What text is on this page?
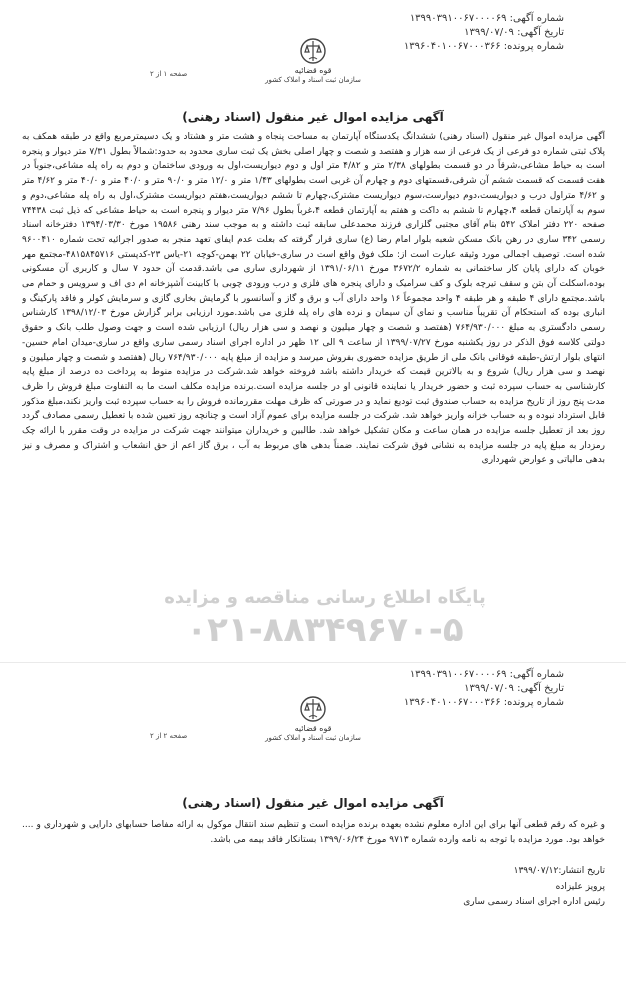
شماره آگهی: ۱۳۹۹۰۳۹۱۰۰۶۷۰۰۰۰۶۹
تاریخ آگهی: ۱۳۹۹/۰۷/۰۹
شماره پرونده: ۱۳۹۶۰۴۰۱۰۰۶۷۰۰۰۳۶۶
قوه قضائیه
سازمان ثبت اسناد و املاک کشور
صفحه ۱ از ۲
آگهی مزایده اموال غیر منقول (اسناد رهنی)

آگهی مزایده اموال غیر منقول (اسناد رهنی) ششدانگ یکدستگاه آپارتمان به مساحت پنجاه و هشت متر و هشتاد و یک دسیمترمربع واقع در طبقه همکف به پلاک ثبتی شماره دو فرعی از یک فرعی از سه هزار و هفتصد و شصت و چهار اصلی بخش یک ثبت ساری محدود به حدود:شمالاً بطول ۷/۳۱ متر دیوار و پنجره است به حیاط مشاعی،شرقاً در دو قسمت بطولهای ۲/۳۸ متر و ۴/۸۲ متر اول و دوم دیواریست،اول به ورودی ساختمان و دوم به راه پله مشاعی،جنوباً در هفت قسمت که قسمت ششم آن شرقی،قسمتهای دوم و چهارم آن غربی است بطولهای ۱/۴۳ متر و ۱۲/۰ متر و ۹۰/۰ متر و ۴۰/۰ متر و ۴۰/۰ متر و ۴/۶۲ متر و ۴/۶۲ متراول درب و دیواریست،دوم دیوارست،سوم دیواریست مشترک،چهارم تا ششم دیواریست،هفتم دیواریست مشترک،اول به راه پله مشاعی،دوم و سوم به آپارتمان قطعه ۴،چهارم تا ششم به داکت و هفتم به آپارتمان قطعه ۴،غرباً بطول ۷/۹۶ متر دیوار و پنجره است به حیاط مشاعی که ذیل ثبت ۷۴۴۳۸ صفحه ۲۲۰ دفتر املاک ۵۴۲ بنام آقای مجتبی گلزاری فرزند محمدعلی سابقه ثبت داشته و به موجب سند رهنی ۱۹۵۸۶ مورخ ۱۳۹۴/۰۳/۳۰ دفترخانه اسناد رسمی ۳۴۲ ساری در رهن بانک مسکن شعبه بلوار امام رضا (ع) ساری قرار گرفته که بعلت عدم ایفای تعهد منجر به صدور اجرائیه تحت شماره ۹۶۰۰۴۱۰ شده است. توصیف اجمالی مورد وثیقه عبارت است از: ملک فوق واقع است در ساری-خیابان ۲۲ بهمن-کوچه ۲۱-یاس ۲۳-کدپستی ۴۸۱۵۸۴۵۷۱۶-مجتمع مهر خوبان که دارای پایان کار ساختمانی به شماره ۳۶۷۲/۲ مورخ ۱۳۹۱/۰۶/۱۱ از شهرداری ساری می باشد.قدمت آن حدود ۷ سال و کاربری آن مسکونی بوده،اسکلت آن بتن و سقف تیرچه بلوک و کف سرامیک و دارای پنجره های فلزی و درب ورودی چوبی با کابینت آشپزخانه ام دی اف و سرویس و حمام می باشد.مجتمع دارای ۴ طبقه و هر طبقه ۴ واحد مجموعاً ۱۶ واحد دارای آب و برق و گاز و آسانسور با گرمایش بخاری گازی و سرمایش کولر و فاقد پارکینگ و انباری بوده که استحکام آن تقریباً مناسب و نمای آن سیمان و نرده های راه پله فلزی می باشد.مورد ارزیابی برابر گزارش مورخ ۱۳۹۸/۱۲/۰۳ کارشناس رسمی دادگستری به مبلغ ۷۶۴/۹۳۰/۰۰۰ (هفتصد و شصت و چهار میلیون و نهصد و سی هزار ریال) ارزیابی شده است و جهت وصول طلب بانک و حقوق دولتی کلاسه فوق الذکر در روز یکشنبه مورخ ۱۳۹۹/۰۷/۲۷ از ساعت ۹ الی ۱۲ ظهر در اداره اجرای اسناد رسمی ساری واقع در ساری-میدان امام حسین-انتهای بلوار ارتش-طبقه فوقانی بانک ملی از طریق مزایده حضوری بفروش میرسد و مزایده از مبلغ پایه ۷۶۴/۹۳۰/۰۰۰ ریال (هفتصد و شصت و چهار میلیون و نهصد و سی هزار ریال) شروع و به بالاترین قیمت که خریدار داشته باشد فروخته خواهد شد.شرکت در مزایده منوط به پرداخت ده درصد از مبلغ پایه کارشناسی به حساب سپرده ثبت و حضور خریدار یا نماینده قانونی او در جلسه مزایده است.برنده مزایده مکلف است ما به التفاوت مبلغ فروش را ظرف مدت پنج روز از تاریخ مزایده به حساب صندوق ثبت تودیع نماید و در صورتی که ظرف مهلت مقررمانده فروش را به حساب سپرده ثبت واریز نکند،مبلغ مذکور قابل استرداد نبوده و به حساب خزانه واریز خواهد شد. شرکت در جلسه مزایده برای عموم آزاد است و چنانچه روز تعیین شده با تعطیل رسمی مصادف گردد روز بعد از تعطیل جلسه مزایده در همان ساعت و مکان تشکیل خواهد شد. طالبین و خریداران میتوانند جهت شرکت در مزایده در وقت مقرر با ارائه چک رمزدار به مبلغ پایه در جلسه مزایده به نشانی فوق شرکت نمایند. ضمناً بدهی های مربوط به آب ، برق گاز اعم از حق انشعاب و اشتراک و مصرف و نیز بدهی مالیاتی و عوارض شهرداری

پایگاه اطلاع رسانی مناقصه و مزایده
۰۲۱-۸۸۳۴۹۶۷۰-۵
شماره آگهی: ۱۳۹۹۰۳۹۱۰۰۶۷۰۰۰۰۶۹
تاریخ آگهی: ۱۳۹۹/۰۷/۰۹
شماره پرونده: ۱۳۹۶۰۴۰۱۰۰۶۷۰۰۰۳۶۶
قوه قضائیه
سازمان ثبت اسناد و املاک کشور
صفحه ۲ از ۲
آگهی مزایده اموال غیر منقول (اسناد رهنی)

و غیره که رقم قطعی آنها برای این اداره معلوم نشده بعهده برنده مزایده است و تنظیم سند انتقال موکول به ارائه مفاصا حسابهای دارایی و شهرداری و .... خواهد بود. مورد مزایده با توجه به نامه وارده شماره ۹۷۱۳ مورخ ۱۳۹۹/۰۶/۲۴ بستانکار فاقد بیمه می باشد.

تاریخ انتشار:۱۳۹۹/۰۷/۱۲
پرویز علیزاده
رئیس اداره اجرای اسناد رسمی ساری
